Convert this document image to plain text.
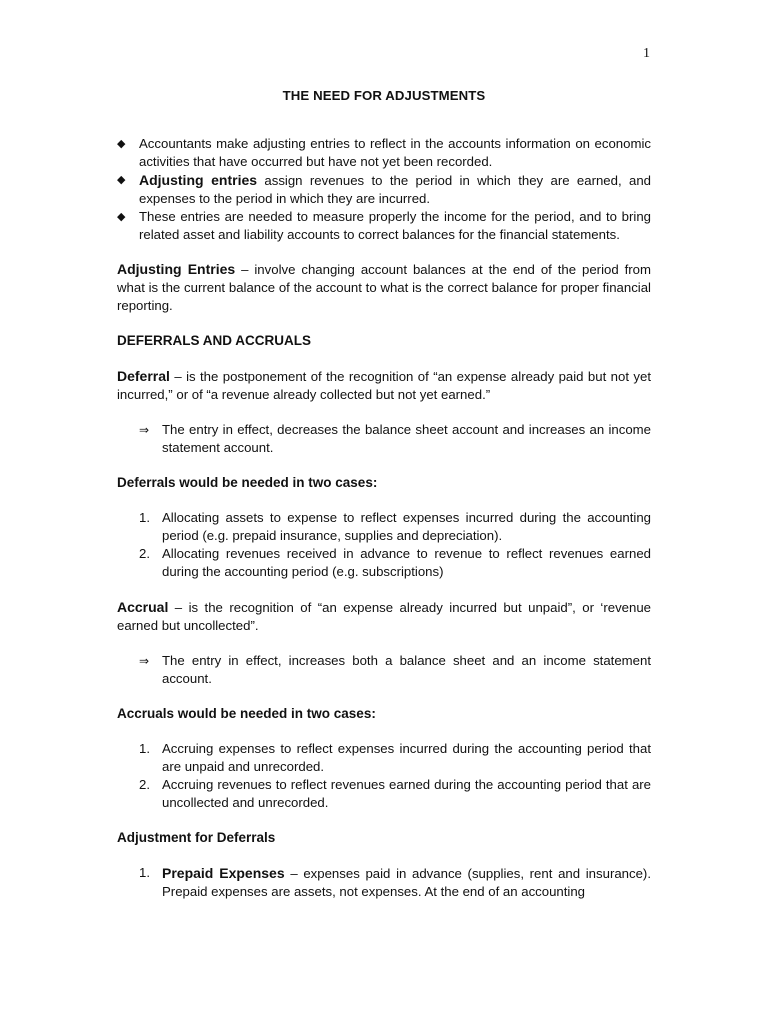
1
THE NEED FOR ADJUSTMENTS
◆ Accountants make adjusting entries to reflect in the accounts information on economic activities that have occurred but have not yet been recorded.
◆ Adjusting entries assign revenues to the period in which they are earned, and expenses to the period in which they are incurred.
◆ These entries are needed to measure properly the income for the period, and to bring related asset and liability accounts to correct balances for the financial statements.

Adjusting Entries – involve changing account balances at the end of the period from what is the current balance of the account to what is the correct balance for proper financial reporting.

DEFERRALS AND ACCRUALS

Deferral – is the postponement of the recognition of “an expense already paid but not yet incurred,” or of “a revenue already collected but not yet earned.”

⇒ The entry in effect, decreases the balance sheet account and increases an income statement account.
Deferrals would be needed in two cases:
1. Allocating assets to expense to reflect expenses incurred during the accounting period (e.g. prepaid insurance, supplies and depreciation).
2. Allocating revenues received in advance to revenue to reflect revenues earned during the accounting period (e.g. subscriptions)

Accrual – is the recognition of “an expense already incurred but unpaid”, or ‘revenue earned but uncollected”.

⇒ The entry in effect, increases both a balance sheet and an income statement account.
Accruals would be needed in two cases:
1. Accruing expenses to reflect expenses incurred during the accounting period that are unpaid and unrecorded.
2. Accruing revenues to reflect revenues earned during the accounting period that are uncollected and unrecorded.
Adjustment for Deferrals
1. Prepaid Expenses – expenses paid in advance (supplies, rent and insurance). Prepaid expenses are assets, not expenses. At the end of an accounting
